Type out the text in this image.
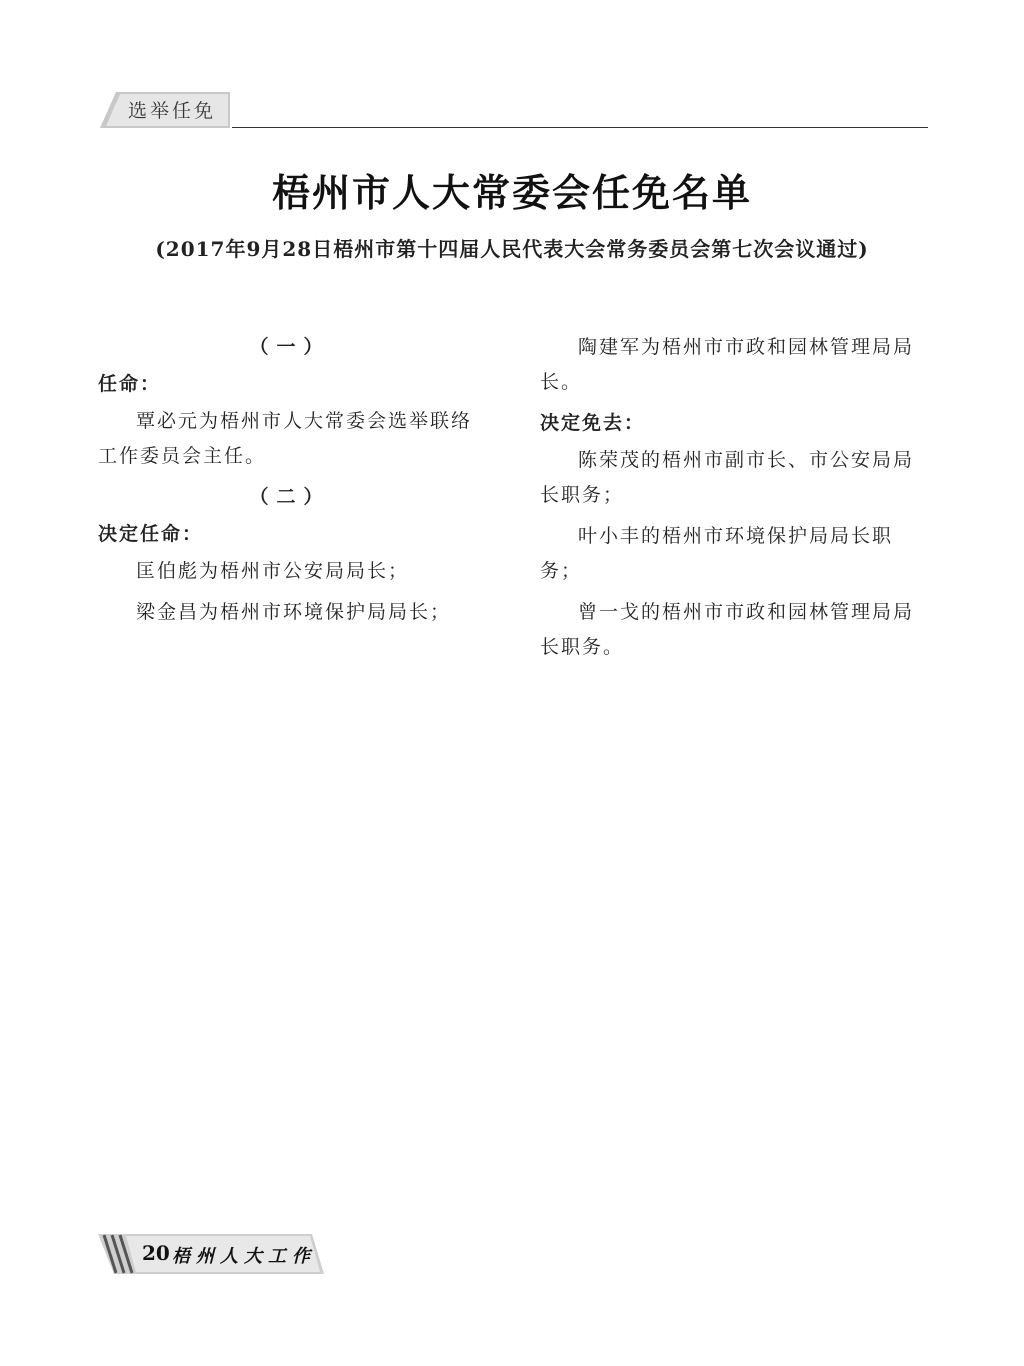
选举任免
梧州市人大常委会任免名单
(2017年9月28日梧州市第十四届人民代表大会常务委员会第七次会议通过)
（一）
任命：

覃必元为梧州市人大常委会选举联络工作委员会主任。

（二）
决定任命：

匡伯彪为梧州市公安局局长；

梁金昌为梧州市环境保护局局长；

陶建军为梧州市市政和园林管理局局长。

决定免去：

陈荣茂的梧州市副市长、市公安局局长职务；

叶小丰的梧州市环境保护局局长职务；

曾一戈的梧州市市政和园林管理局局长职务。

20 梧州人大工作
